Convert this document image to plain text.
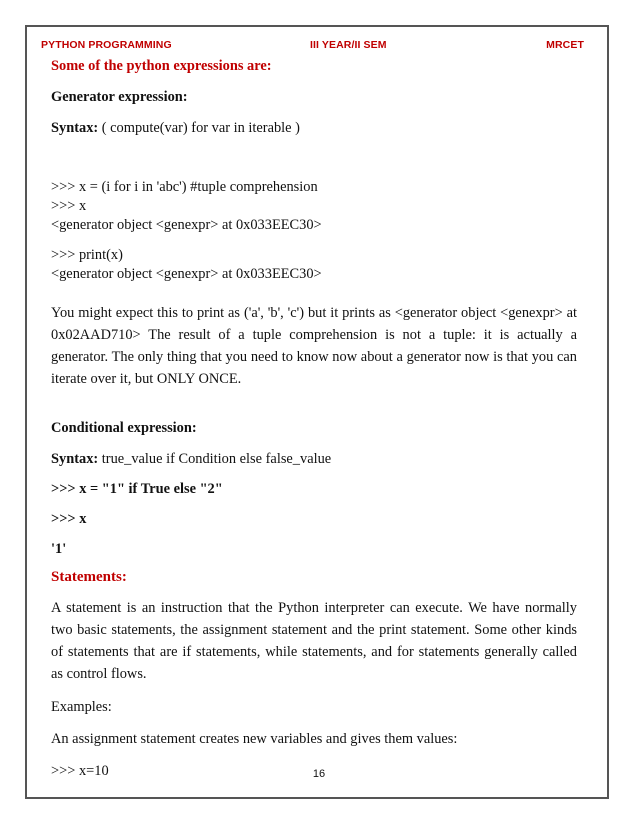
PYTHON PROGRAMMING	III YEAR/II SEM	MRCET

Some of the python expressions are:

Generator expression:

Syntax: ( compute(var) for var in iterable )

>>> x = (i for i in 'abc') #tuple comprehension
>>> x
<generator object <genexpr> at 0x033EEC30>

>>> print(x)
<generator object <genexpr> at 0x033EEC30>

You might expect this to print as ('a', 'b', 'c') but it prints as <generator object <genexpr> at 0x02AAD710> The result of a tuple comprehension is not a tuple: it is actually a generator. The only thing that you need to know now about a generator now is that you can iterate over it, but ONLY ONCE.

Conditional expression:

Syntax: true_value if Condition else false_value

>>> x = "1" if True else "2"

>>> x

'1'

Statements:

A statement is an instruction that the Python interpreter can execute. We have normally two basic statements, the assignment statement and the print statement. Some other kinds of statements that are if statements, while statements, and for statements generally called as control flows.

Examples:

An assignment statement creates new variables and gives them values:

>>> x=10	16
